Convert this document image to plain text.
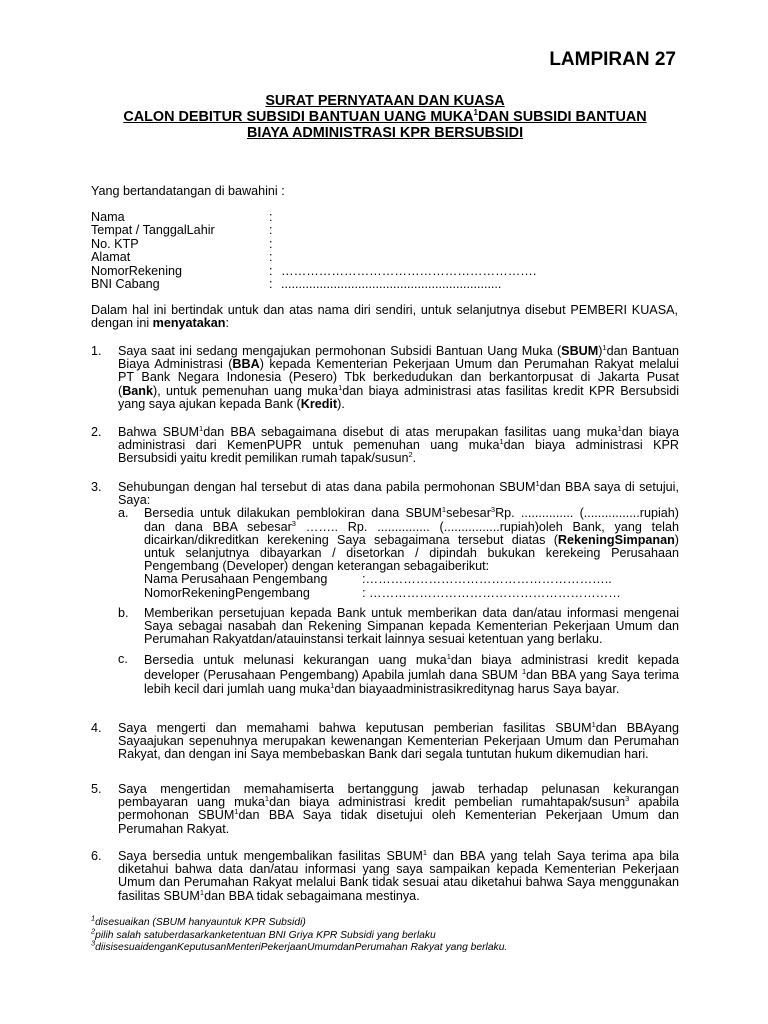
LAMPIRAN 27
SURAT PERNYATAAN DAN KUASA
CALON DEBITUR SUBSIDI BANTUAN UANG MUKA$^1$DAN SUBSIDI BANTUAN
BIAYA ADMINISTRASI KPR BERSUBSIDI
Yang bertandatangan di bawahini :
Nama	:
Tempat / TanggalLahir	:
No. KTP	:
Alamat	:
NomorRekening	: …………………………………………………….
BNI Cabang	: ...............................................................
Dalam hal ini bertindak untuk dan atas nama diri sendiri, untuk selanjutnya disebut PEMBERI KUASA, dengan ini menyatakan:
1. Saya saat ini sedang mengajukan permohonan Subsidi Bantuan Uang Muka (SBUM)$^1$dan Bantuan Biaya Administrasi (BBA) kepada Kementerian Pekerjaan Umum dan Perumahan Rakyat melalui PT Bank Negara Indonesia (Pesero) Tbk berkedudukan dan berkantorpusat di Jakarta Pusat (Bank), untuk pemenuhan uang muka$^1$dan biaya administrasi atas fasilitas kredit KPR Bersubsidi yang saya ajukan kepada Bank (Kredit).
2. Bahwa SBUM$^1$dan BBA sebagaimana disebut di atas merupakan fasilitas uang muka$^1$dan biaya administrasi dari KemenPUPR untuk pemenuhan uang muka$^1$dan biaya administrasi KPR Bersubsidi yaitu kredit pemilikan rumah tapak/susun$^2$.
3. Sehubungan dengan hal tersebut di atas dana pabila permohonan SBUM$^1$dan BBA saya di setujui, Saya:
a. Bersedia untuk dilakukan pemblokiran dana SBUM$^1$sebesar$^3$Rp. ............... (................rupiah) dan dana BBA sebesar$^3$ …….. Rp. ............... (................rupiah)oleh Bank, yang telah dicairkan/dikreditkan kerekening Saya sebagaimana tersebut diatas (RekeningSimpanan) untuk selanjutnya dibayarkan / disetorkan / dipindah bukukan kerekeing Perusahaan Pengembang (Developer) dengan keterangan sebagaiberikut:
Nama Perusahaan Pengembang	:…………………………………………………..
NomorRekeningPengembang	: ……………………………………………………
b. Memberikan persetujuan kepada Bank untuk memberikan data dan/atau informasi mengenai Saya sebagai nasabah dan Rekening Simpanan kepada Kementerian Pekerjaan Umum dan Perumahan Rakyatdan/atauinstansi terkait lainnya sesuai ketentuan yang berlaku.
c. Bersedia untuk melunasi kekurangan uang muka$^1$dan biaya administrasi kredit kepada developer (Perusahaan Pengembang) Apabila jumlah dana SBUM $^1$dan BBA yang Saya terima lebih kecil dari jumlah uang muka$^1$dan biayaadministrasikreditynag harus Saya bayar.
4. Saya mengerti dan memahami bahwa keputusan pemberian fasilitas SBUM$^1$dan BBAyang Sayaajukan sepenuhnya merupakan kewenangan Kementerian Pekerjaan Umum dan Perumahan Rakyat, dan dengan ini Saya membebaskan Bank dari segala tuntutan hukum dikemudian hari.
5. Saya mengertidan memahamiserta bertanggung jawab terhadap pelunasan kekurangan pembayaran uang muka$^1$dan biaya administrasi kredit pembelian rumahtapak/susun$^3$ apabila permohonan SBUM$^1$dan BBA Saya tidak disetujui oleh Kementerian Pekerjaan Umum dan Perumahan Rakyat.
6. Saya bersedia untuk mengembalikan fasilitas SBUM$^1$ dan BBA yang telah Saya terima apa bila diketahui bahwa data dan/atau informasi yang saya sampaikan kepada Kementerian Pekerjaan Umum dan Perumahan Rakyat melalui Bank tidak sesuai atau diketahui bahwa Saya menggunakan fasilitas SBUM$^1$dan BBA tidak sebagaimana mestinya.
$^1$disesuaikan (SBUM hanyauntuk KPR Subsidi)
$^2$pilih salah satuberdasarkanketentuan BNI Griya KPR Subsidi yang berlaku
$^3$diisisesuaidenganKeputusanMenteriPekerjaanUmumdanPerumahan Rakyat yang berlaku.
